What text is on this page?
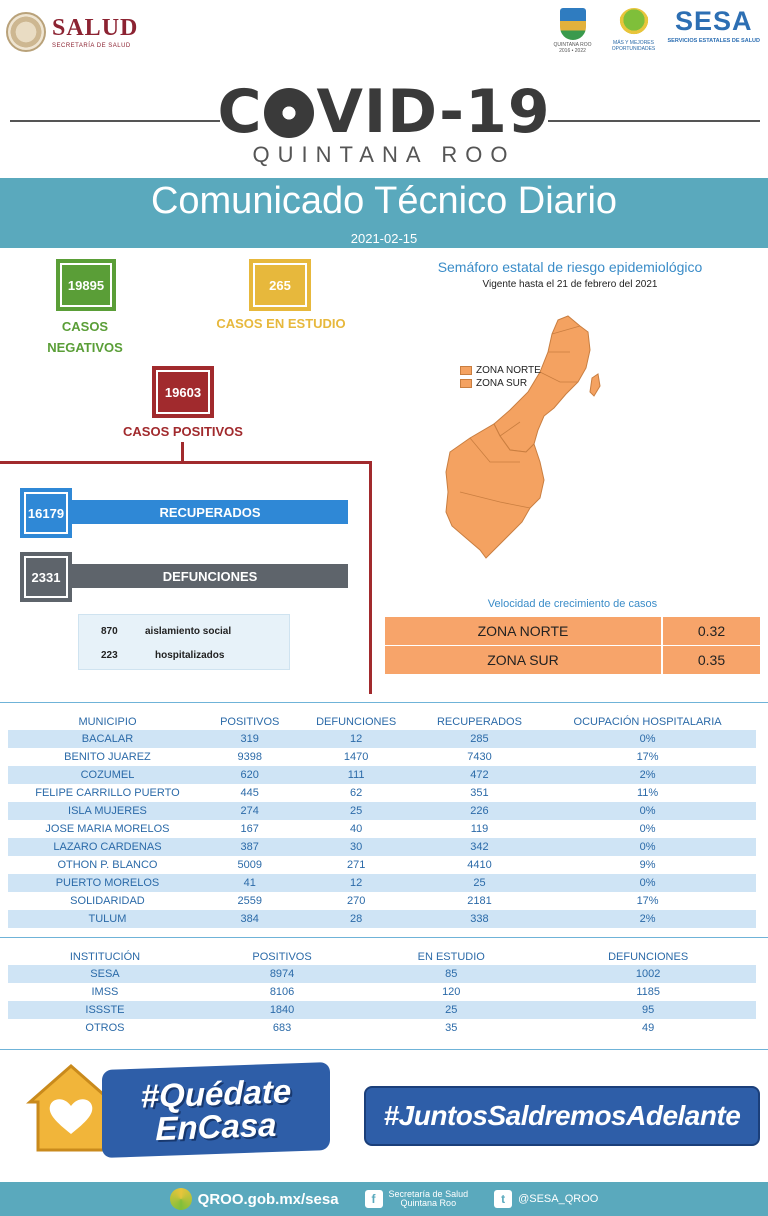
SALUD
SECRETARÍA DE SALUD	QUINTANA ROO
2016 • 2022
MÁS Y MEJORES OPORTUNIDADES
SESA
SERVICIOS ESTATALES DE SALUD
C VID-19
QUINTANA ROO
Comunicado Técnico Diario
2021-02-15
19895
CASOS
NEGATIVOS
265
CASOS EN ESTUDIO
19603
CASOS POSITIVOS
16179	RECUPERADOS
2331	DEFUNCIONES
870	aislamiento social
223	hospitalizados
Semáforo estatal de riesgo epidemiológico
Vigente hasta el 21 de febrero del 2021
ZONA NORTE
ZONA SUR
Velocidad de crecimiento de casos
ZONA NORTE	0.32
ZONA SUR	0.35
MUNICIPIO	POSITIVOS	DEFUNCIONES	RECUPERADOS	OCUPACIÓN HOSPITALARIA
BACALAR	319	12	285	0%
BENITO JUAREZ	9398	1470	7430	17%
COZUMEL	620	111	472	2%
FELIPE CARRILLO PUERTO	445	62	351	11%
ISLA MUJERES	274	25	226	0%
JOSE MARIA MORELOS	167	40	119	0%
LAZARO CARDENAS	387	30	342	0%
OTHON P. BLANCO	5009	271	4410	9%
PUERTO MORELOS	41	12	25	0%
SOLIDARIDAD	2559	270	2181	17%
TULUM	384	28	338	2%
INSTITUCIÓN	POSITIVOS	EN ESTUDIO	DEFUNCIONES
SESA	8974	85	1002
IMSS	8106	120	1185
ISSSTE	1840	25	95
OTROS	683	35	49
#Quédate
EnCasa	#JuntosSaldremosAdelante
QROO.gob.mx/sesa	f	Secretaría de Salud
Quintana Roo	t	@SESA_QROO
